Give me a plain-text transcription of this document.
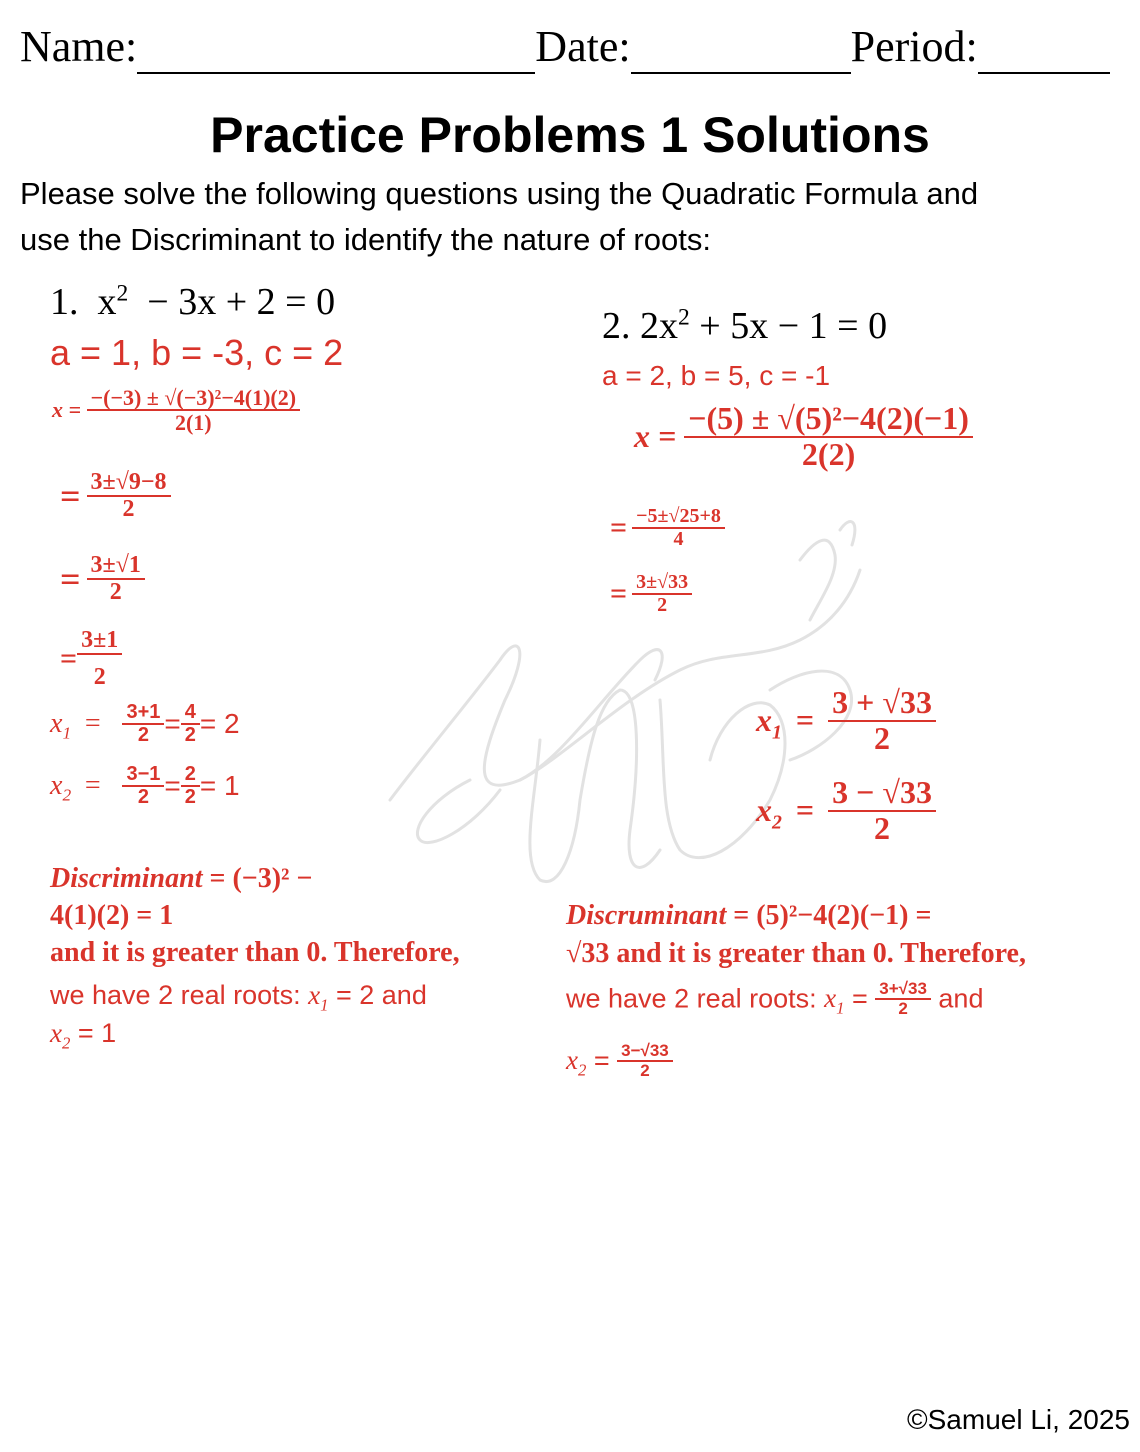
Name:	Date:	Period:
Practice Problems 1 Solutions
Please solve the following questions using the Quadratic Formula and
use the Discriminant to identify the nature of roots:
1. $x^2 - 3x + 2 = 0$
a = 1, b = -3, c = 2
$x = \frac{\text{−(−3) ± √(−3)²−4(1)(2)}}{2(1)}$
= $\frac{3\pm√9-8}{2}$
= $\frac{3\pm√1}{2}$
= $\frac{3\pm 1}{2}$
$x_1 = \frac{3+1}{2} = \frac{4}{2} = 2$
$x_2 = \frac{3-1}{2} = \frac{2}{2} = 1$
Discriminant = (−3)² −
4(1)(2) = 1
and it is greater than 0. Therefore,
we have 2 real roots: $x_1 = 2$ and
$x_2 = 1$
2. $2x^2 + 5x - 1 = 0$
a = 2, b = 5, c = -1
$x = \frac{\text{−(5) ± √(5)²−4(2)(−1)}}{2(2)}$
= $\frac{-5\pm√25+8}{4}$
= $\frac{3\pm√33}{2}$
$x_1 = \frac{3 + √33}{2}$
$x_2 = \frac{3 - √33}{2}$
Discruminant = (5)²−4(2)(−1) =
√33 and it is greater than 0. Therefore,
we have 2 real roots: $x_1 = \frac{3+√33}{2}$ and
$x_2 = \frac{3-√33}{2}$
©Samuel Li, 2025
